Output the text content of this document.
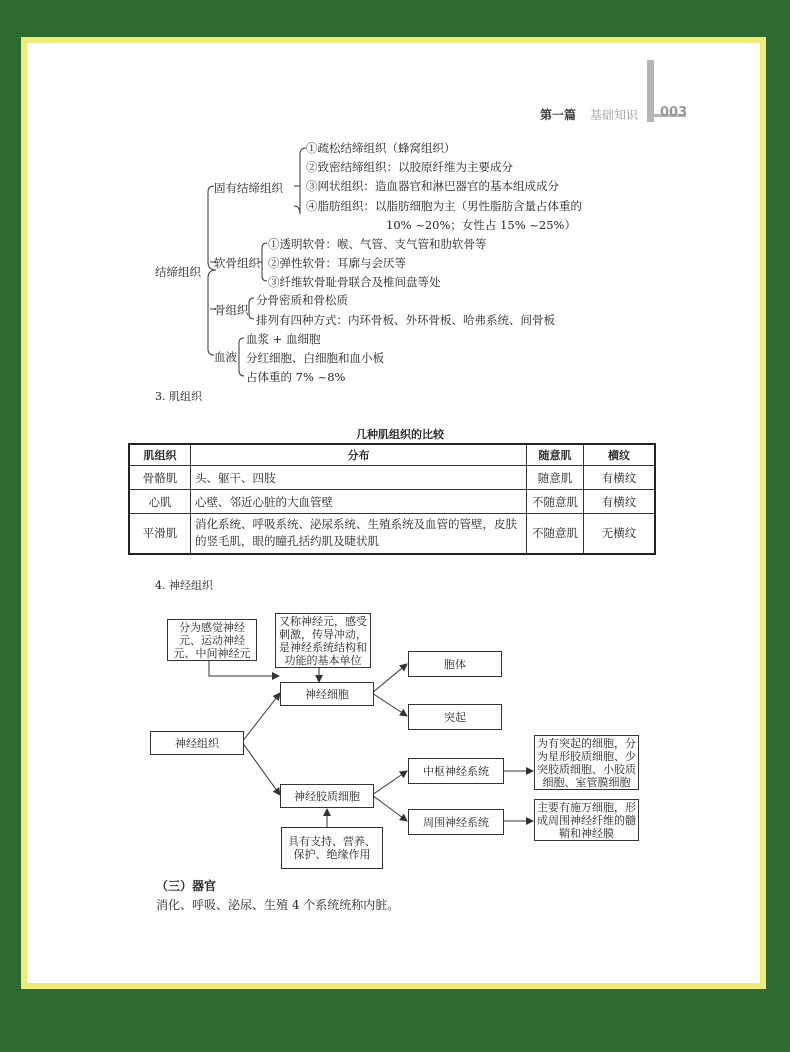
第一篇 基础知识 003
结缔组织
固有结缔组织
①疏松结缔组织（蜂窝组织）
②致密结缔组织：以胶原纤维为主要成分
③网状组织：造血器官和淋巴器官的基本组成成分
④脂肪组织：以脂肪细胞为主（男性脂肪含量占体重的
10% ~20%；女性占 15% ~25%）
软骨组织
①透明软骨：喉、气管、支气管和肋软骨等
②弹性软骨：耳廓与会厌等
③纤维软骨耻骨联合及椎间盘等处
骨组织
分骨密质和骨松质
排列有四种方式：内环骨板、外环骨板、哈弗系统、间骨板
血液
血浆 + 血细胞
分红细胞、白细胞和血小板
占体重的 7% ~8%
3. 肌组织
几种肌组织的比较
肌组织	分布	随意肌	横纹
骨骼肌	头、躯干、四肢	随意肌	有横纹
心肌	心壁、邻近心脏的大血管壁	不随意肌	有横纹
平滑肌	消化系统、呼吸系统、泌尿系统、生殖系统及血管的管壁，皮肤的竖毛肌，眼的瞳孔括约肌及睫状肌	不随意肌	无横纹
4. 神经组织
分为感觉神经元、运动神经元、中间神经元
又称神经元，感受刺激，传导冲动，是神经系统结构和功能的基本单位
神经细胞
神经组织
胞体
突起
神经胶质细胞
中枢神经系统
周围神经系统
为有突起的细胞，分为星形胶质细胞、少突胶质细胞、小胶质细胞、室管膜细胞
主要有施万细胞，形成周围神经纤维的髓鞘和神经膜
具有支持、营养、保护、绝缘作用
（三）器官
消化、呼吸、泌尿、生殖 4 个系统统称内脏。
